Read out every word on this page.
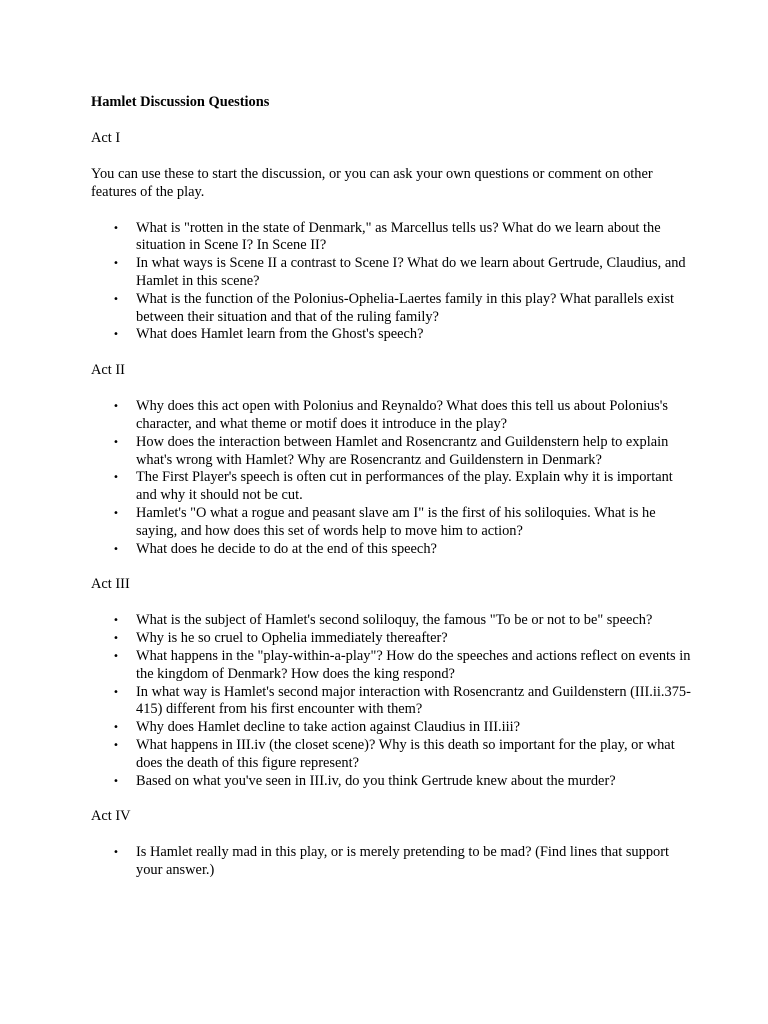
Hamlet Discussion Questions

Act I

You can use these to start the discussion, or you can ask your own questions or comment on other features of the play.

• What is "rotten in the state of Denmark," as Marcellus tells us? What do we learn about the situation in Scene I? In Scene II?
• In what ways is Scene II a contrast to Scene I? What do we learn about Gertrude, Claudius, and Hamlet in this scene?
• What is the function of the Polonius-Ophelia-Laertes family in this play? What parallels exist between their situation and that of the ruling family?
• What does Hamlet learn from the Ghost's speech?

Act II

• Why does this act open with Polonius and Reynaldo? What does this tell us about Polonius's character, and what theme or motif does it introduce in the play?
• How does the interaction between Hamlet and Rosencrantz and Guildenstern help to explain what's wrong with Hamlet? Why are Rosencrantz and Guildenstern in Denmark?
• The First Player's speech is often cut in performances of the play. Explain why it is important and why it should not be cut.
• Hamlet's "O what a rogue and peasant slave am I" is the first of his soliloquies. What is he saying, and how does this set of words help to move him to action?
• What does he decide to do at the end of this speech?

Act III

• What is the subject of Hamlet's second soliloquy, the famous "To be or not to be" speech?
• Why is he so cruel to Ophelia immediately thereafter?
• What happens in the "play-within-a-play"? How do the speeches and actions reflect on events in the kingdom of Denmark? How does the king respond?
• In what way is Hamlet's second major interaction with Rosencrantz and Guildenstern (III.ii.375-415) different from his first encounter with them?
• Why does Hamlet decline to take action against Claudius in III.iii?
• What happens in III.iv (the closet scene)? Why is this death so important for the play, or what does the death of this figure represent?
• Based on what you've seen in III.iv, do you think Gertrude knew about the murder?

Act IV

• Is Hamlet really mad in this play, or is merely pretending to be mad? (Find lines that support your answer.)
